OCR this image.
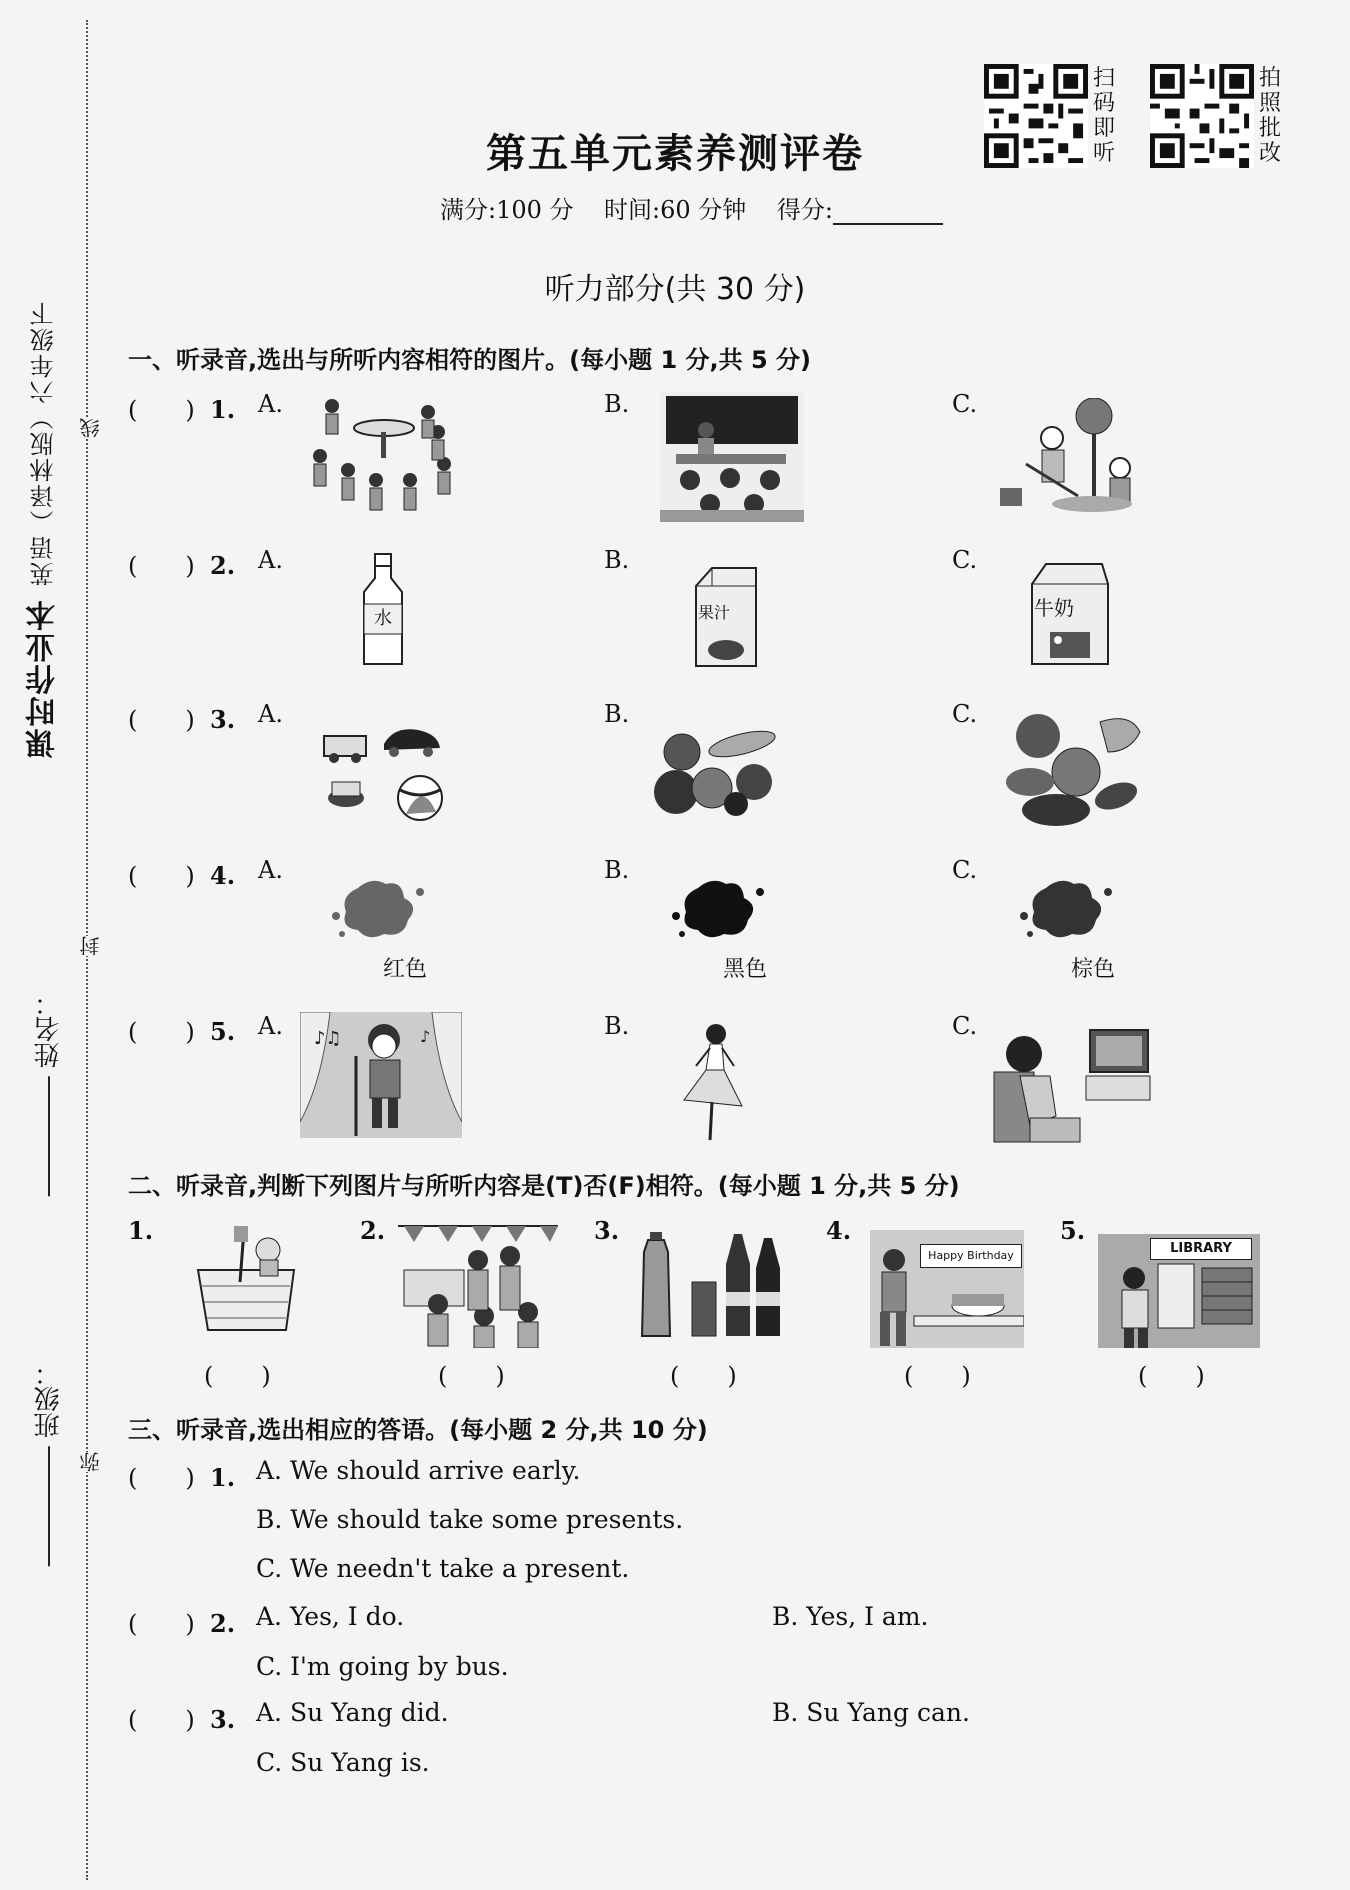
课时作业本 英语（译林版）六年级下	线
封
弥
姓名：
班级：
扫码即听
拍照批改
第五单元素养测评卷
满分:100 分 时间:60 分钟 得分:
听力部分(共 30 分)
一、听录音,选出与所听内容相符的图片。(每小题 1 分,共 5 分)
(　　) 1. A.	B.	C.
(　　) 2. A.	B.	C.
水	果汁	牛奶
(　　) 3. A.	B.	C.
(　　) 4. A.	B.	C.
红色	黑色	棕色
(　　) 5. A.	B.	C.
♪♫	♪
二、听录音,判断下列图片与所听内容是(T)否(F)相符。(每小题 1 分,共 5 分)
1.
(　　)
2.
(　　)
3.
(　　)
4.
Happy Birthday
(　　)
5.
LIBRARY
(　　)
三、听录音,选出相应的答语。(每小题 2 分,共 10 分)
(　　) 1. A. We should arrive early.
B. We should take some presents.
C. We needn't take a present.
(　　) 2. A. Yes, I do.	B. Yes, I am.
C. I'm going by bus.
(　　) 3. A. Su Yang did.	B. Su Yang can.
C. Su Yang is.
